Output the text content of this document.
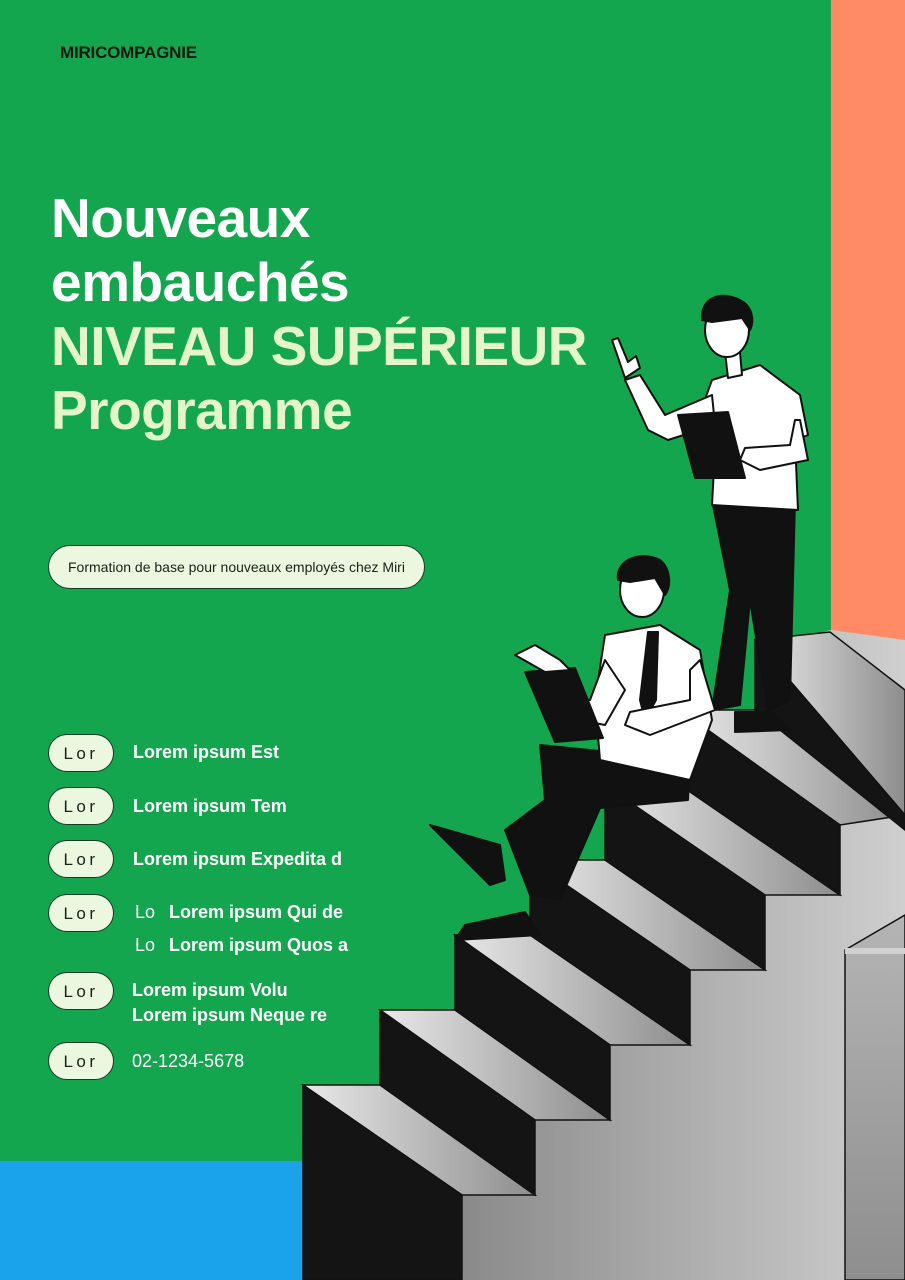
MIRICOMPAGNIE
Nouveaux
embauchés
NIVEAU SUPÉRIEUR
Programme
Formation de base pour nouveaux employés chez Miri
Lor	Lorem ipsum Est
Lor	Lorem ipsum Tem
Lor	Lorem ipsum Expedita d
Lor	Lo Lorem ipsum Qui de
Lo Lorem ipsum Quos a
Lor	Lorem ipsum Volu
Lorem ipsum Neque re
Lor	02-1234-5678
